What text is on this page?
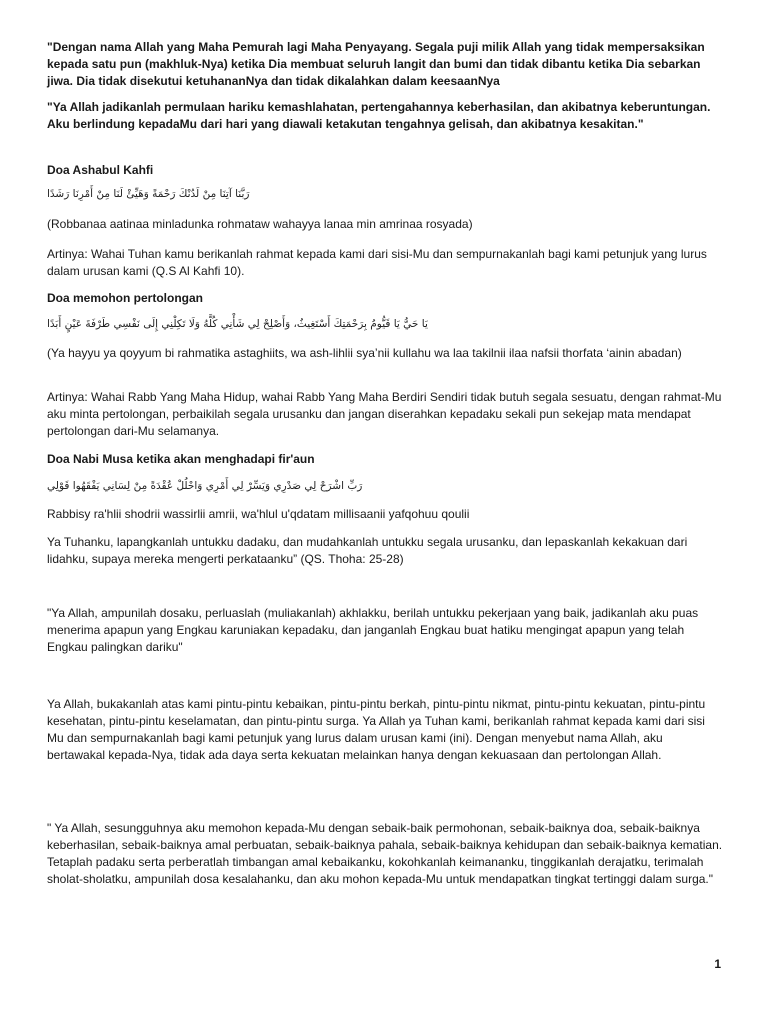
"Dengan nama Allah yang Maha Pemurah lagi Maha Penyayang. Segala puji milik Allah yang tidak mempersaksikan kepada satu pun (makhluk-Nya) ketika Dia membuat seluruh langit dan bumi dan tidak dibantu ketika Dia sebarkan jiwa. Dia tidak disekutui ketuhananNya dan tidak dikalahkan dalam keesaanNya

"Ya Allah jadikanlah permulaan hariku kemashlahatan, pertengahannya keberhasilan, dan akibatnya keberuntungan. Aku berlindung kepadaMu dari hari yang diawali ketakutan tengahnya gelisah, dan akibatnya kesakitan."

Doa Ashabul Kahfi

رَبَّنَا آتِنَا مِنْ لَدُنْكَ رَحْمَةً وَهَيِّئْ لَنَا مِنْ أَمْرِنَا رَشَدًا

(Robbanaa aatinaa minladunka rohmataw wahayya lanaa min amrinaa rosyada)

Artinya: Wahai Tuhan kamu berikanlah rahmat kepada kami dari sisi-Mu dan sempurnakanlah bagi kami petunjuk yang lurus dalam urusan kami (Q.S Al Kahfi 10).

Doa memohon pertolongan

يَا حَيُّ يَا قَيُّومُ بِرَحْمَتِكَ أَسْتَغِيثُ، وَأَصْلِحْ لِي شَأْنِي كُلَّهُ وَلَا تَكِلْنِي إِلَى نَفْسِي طَرْفَةَ عَيْنٍ أَبَدًا

(Ya hayyu ya qoyyum bi rahmatika astaghiits, wa ash-lihlii sya’nii kullahu wa laa takilnii ilaa nafsii thorfata ‘ainin abadan)

Artinya: Wahai Rabb Yang Maha Hidup, wahai Rabb Yang Maha Berdiri Sendiri tidak butuh segala sesuatu, dengan rahmat-Mu aku minta pertolongan, perbaikilah segala urusanku dan jangan diserahkan kepadaku sekali pun sekejap mata mendapat pertolongan dari-Mu selamanya.

Doa Nabi Musa ketika akan menghadapi fir'aun

رَبِّ اشْرَحْ لِي صَدْرِي وَيَسِّرْ لِي أَمْرِي وَاحْلُلْ عُقْدَةً مِنْ لِسَانِي يَفْقَهُوا قَوْلِي

Rabbisy ra'hlii shodrii wassirlii amrii, wa'hlul u'qdatam millisaanii yafqohuu qoulii

Ya Tuhanku, lapangkanlah untukku dadaku, dan mudahkanlah untukku segala urusanku, dan lepaskanlah kekakuan dari lidahku, supaya mereka mengerti perkataanku” (QS. Thoha: 25-28)

"Ya Allah, ampunilah dosaku, perluaslah (muliakanlah) akhlakku, berilah untukku pekerjaan yang baik, jadikanlah aku puas menerima apapun yang Engkau karuniakan kepadaku, dan janganlah Engkau buat hatiku mengingat apapun yang telah Engkau palingkan dariku"

Ya Allah, bukakanlah atas kami pintu-pintu kebaikan, pintu-pintu berkah, pintu-pintu nikmat, pintu-pintu kekuatan, pintu-pintu kesehatan, pintu-pintu keselamatan, dan pintu-pintu surga. Ya Allah ya Tuhan kami, berikanlah rahmat kepada kami dari sisi Mu dan sempurnakanlah bagi kami petunjuk yang lurus dalam urusan kami (ini). Dengan menyebut nama Allah, aku bertawakal kepada-Nya, tidak ada daya serta kekuatan melainkan hanya dengan kekuasaan dan pertolongan Allah.

" Ya Allah, sesungguhnya aku memohon kepada-Mu dengan sebaik-baik permohonan, sebaik-baiknya doa, sebaik-baiknya keberhasilan, sebaik-baiknya amal perbuatan, sebaik-baiknya pahala, sebaik-baiknya kehidupan dan sebaik-baiknya kematian. Tetaplah padaku serta perberatlah timbangan amal kebaikanku, kokohkanlah keimananku, tinggikanlah derajatku, terimalah sholat-sholatku, ampunilah dosa kesalahanku, dan aku mohon kepada-Mu untuk mendapatkan tingkat tertinggi dalam surga."

1
